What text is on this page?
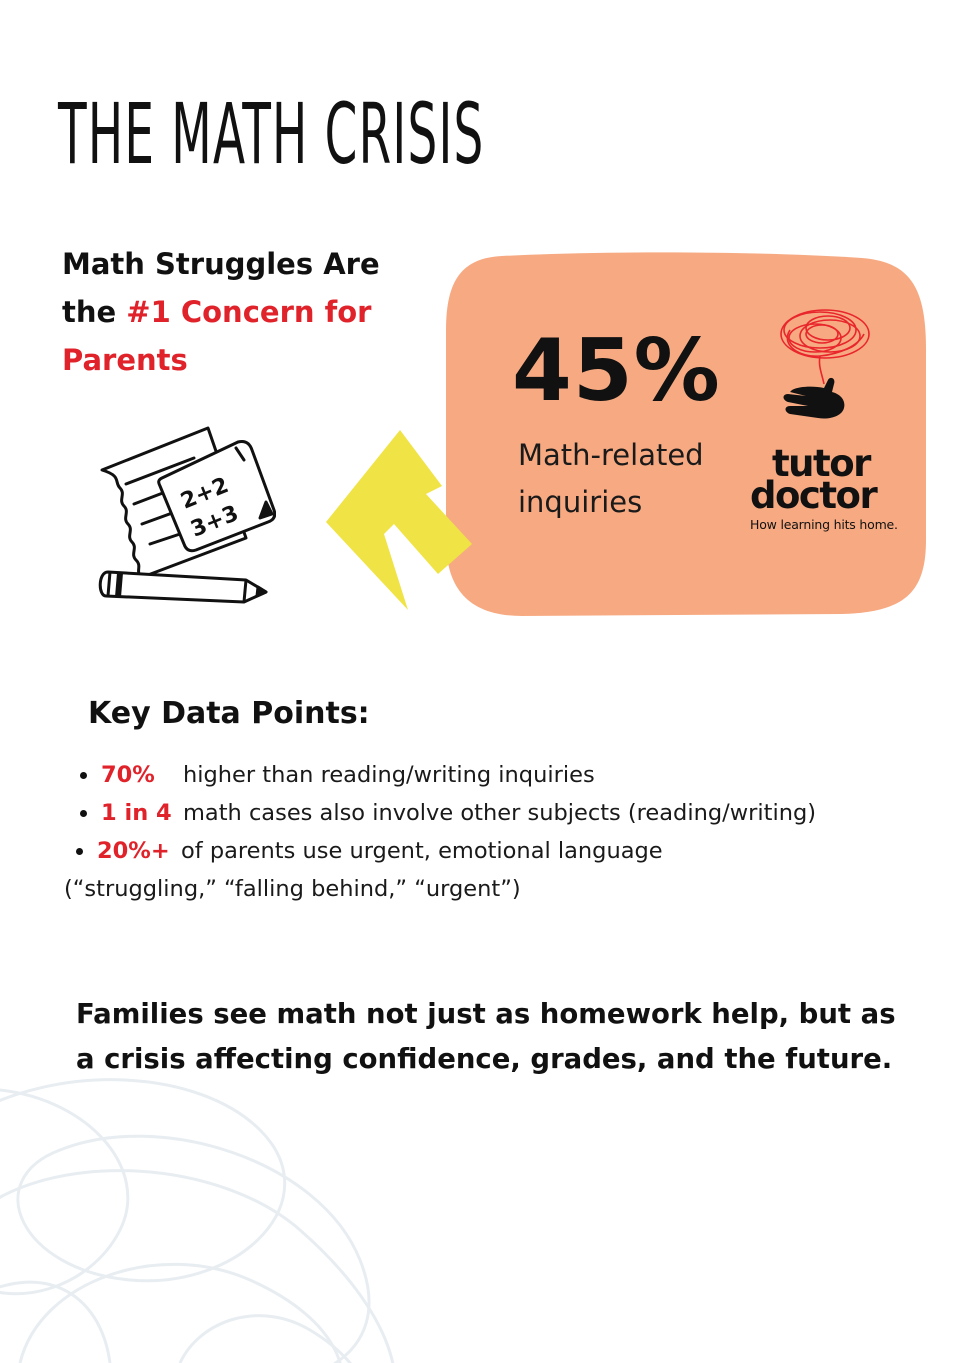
THE MATH CRISIS
Math Struggles Are the #1 Concern for Parents	45%
Math-related inquiries
tutor
doctor
How learning hits home.
2+2
3+3
Key Data Points:
70% higher than reading/writing inquiries
1 in 4 math cases also involve other subjects (reading/writing)
20%+ of parents use urgent, emotional language
(“struggling,” “falling behind,” “urgent”)

Families see math not just as homework help, but as a crisis affecting confidence, grades, and the future.
